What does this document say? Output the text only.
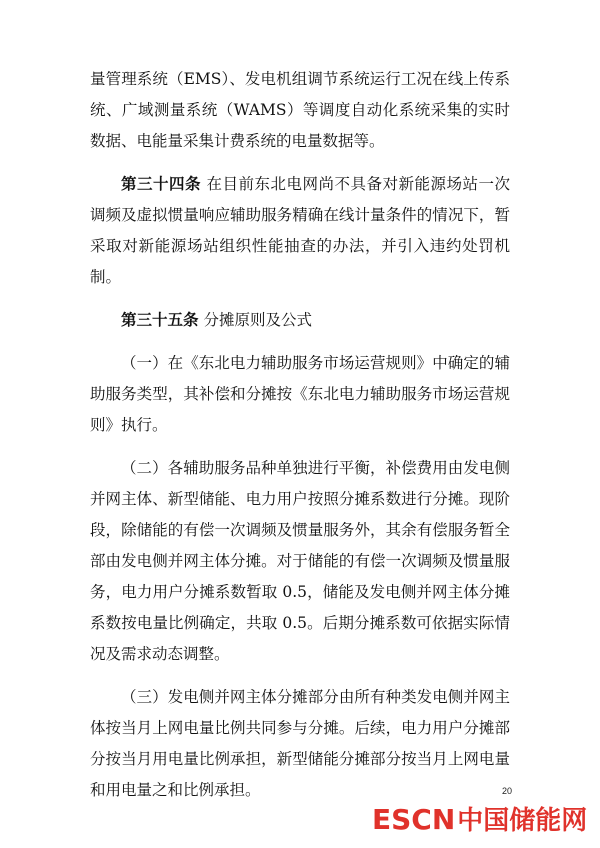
量管理系统（EMS）、发电机组调节系统运行工况在线上传系统、广域测量系统（WAMS）等调度自动化系统采集的实时数据、电能量采集计费系统的电量数据等。

第三十四条 在目前东北电网尚不具备对新能源场站一次调频及虚拟惯量响应辅助服务精确在线计量条件的情况下，暂采取对新能源场站组织性能抽查的办法，并引入违约处罚机制。

第三十五条 分摊原则及公式

（一）在《东北电力辅助服务市场运营规则》中确定的辅助服务类型，其补偿和分摊按《东北电力辅助服务市场运营规则》执行。

（二）各辅助服务品种单独进行平衡，补偿费用由发电侧并网主体、新型储能、电力用户按照分摊系数进行分摊。现阶段，除储能的有偿一次调频及惯量服务外，其余有偿服务暂全部由发电侧并网主体分摊。对于储能的有偿一次调频及惯量服务，电力用户分摊系数暂取 0.5，储能及发电侧并网主体分摊系数按电量比例确定，共取 0.5。后期分摊系数可依据实际情况及需求动态调整。

（三）发电侧并网主体分摊部分由所有种类发电侧并网主体按当月上网电量比例共同参与分摊。后续，电力用户分摊部分按当月用电量比例承担，新型储能分摊部分按当月上网电量和用电量之和比例承担。	20
ESCN中国储能网
